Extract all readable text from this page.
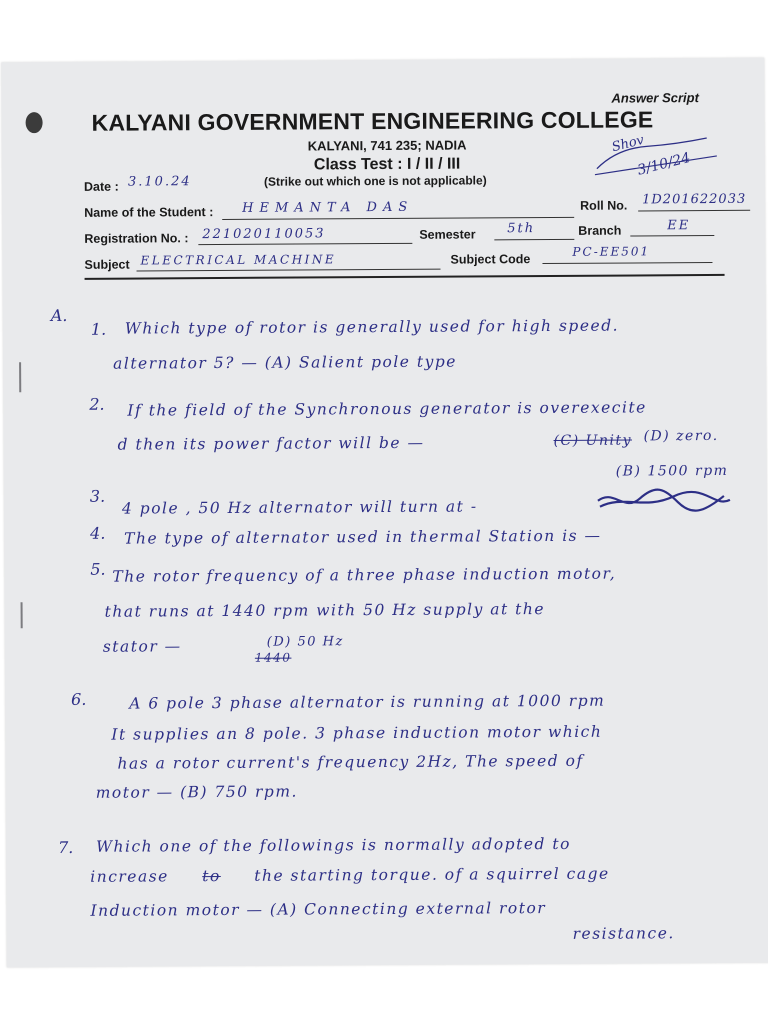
Answer Script
KALYANI GOVERNMENT ENGINEERING COLLEGE
KALYANI, 741 235; NADIA
Class Test : I / II / III
(Strike out which one is not applicable)
Date : 3.10.24
Shov
3/10/24
Name of the Student : HEMANTA DAS	Roll No. 1D201622033
Registration No. : 221020110053	Semester 5th	Branch	EE
Subject ELECTRICAL MACHINE	Subject Code
PC-EE501
A.
1. Which type of rotor is generally used for high speed.
alternator 5? — (A) Salient pole type
2. If the field of the Synchronous generator is overexecite
d then its power factor will be —	(C) Unity (D) zero.
(B) 1500 rpm
3.
4 pole , 50 Hz alternator will turn at -
4. The type of alternator used in thermal Station is —
5. The rotor frequency of a three phase induction motor,
that runs at 1440 rpm with 50 Hz supply at the
stator —	(D) 50 Hz
1440
6.	A 6 pole 3 phase alternator is running at 1000 rpm
It supplies an 8 pole. 3 phase induction motor which
has a rotor current's frequency 2Hz, The speed of
motor — (B) 750 rpm.
7. Which one of the followings is normally adopted to
increase to the starting torque. of a squirrel cage
Induction motor — (A) Connecting external rotor
resistance.
